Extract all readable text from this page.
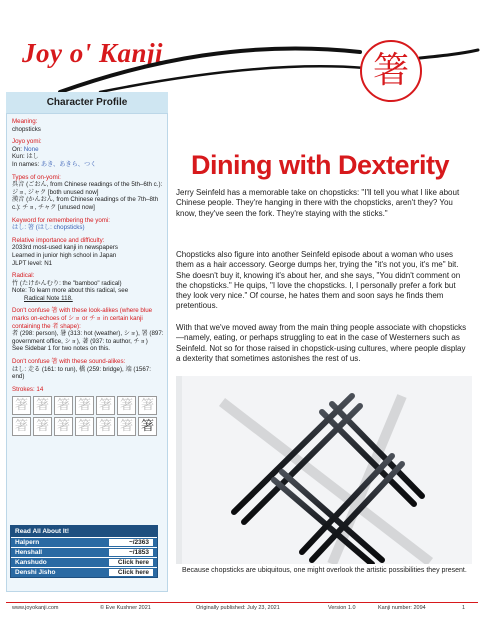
Joy o' Kanji	箸
Character Profile
Meaning:
chopsticks
Joyo yomi:
On: None
Kun: はし
In names: あき、あきら、つく
Types of on-yomi:
呉音 (ごおん, from Chinese readings of the 5th–6th c.): ジョ, ジャク [both unused now]
漢音 (かんおん, from Chinese readings of the 7th–8th c.): チョ, チャク [unused now]
Keyword for remembering the yomi:
はし: 箸 (はし: chopsticks)
Relative importance and difficulty:
2033rd most-used kanji in newspapers
Learned in junior high school in Japan
JLPT level: N1
Radical:
竹 (たけかんむり: the "bamboo" radical)
Note: To learn more about this radical, see
Radical Note 118.
Don't confuse 箸 with these look-alikes (where blue marks on-echoes of ショ or チョ in certain kanji containing the 者 shape):
者 (298: person), 暑 (313: hot (weather), ショ), 署 (897: government office, ショ), 著 (937: to author, チョ)
See Sidebar 1 for two notes on this.
Don't confuse 箸 with these sound-alikes:
はし: 走る (161: to run), 橋 (259: bridge), 端 (1567: end)
Strokes: 14
箸 箸 箸 箸 箸 箸 箸
箸 箸 箸 箸 箸 箸 箸
Read All About It!
Halpern	~/2363
Henshall	~/1853
Kanshudo	Click here
Denshi Jisho	Click here
Dining with Dexterity

Jerry Seinfeld has a memorable take on chopsticks: "I'll tell you what I like about Chinese people. They're hanging in there with the chopsticks, aren't they? You know, they've seen the fork. They're staying with the sticks."

Chopsticks also figure into another Seinfeld episode about a woman who uses them as a hair accessory. George dumps her, trying the "it's not you, it's me" bit. She doesn't buy it, knowing it's about her, and she says, "You didn't comment on the chopsticks." He quips, "I love the chopsticks. I, I personally prefer a fork but they look very nice." Of course, he hates them and soon says he finds them pretentious.

With that we've moved away from the main thing people associate with chopsticks—namely, eating, or perhaps struggling to eat in the case of Westerners such as Seinfeld. Not so for those raised in chopstick-using cultures, where people display a dexterity that sometimes astonishes the rest of us.

Because chopsticks are ubiquitous, one might overlook the artistic possibilities they present.

www.joyokanji.com	© Eve Kushner 2021	Originally published: July 23, 2021	Version 1.0	Kanji number: 2094	1
